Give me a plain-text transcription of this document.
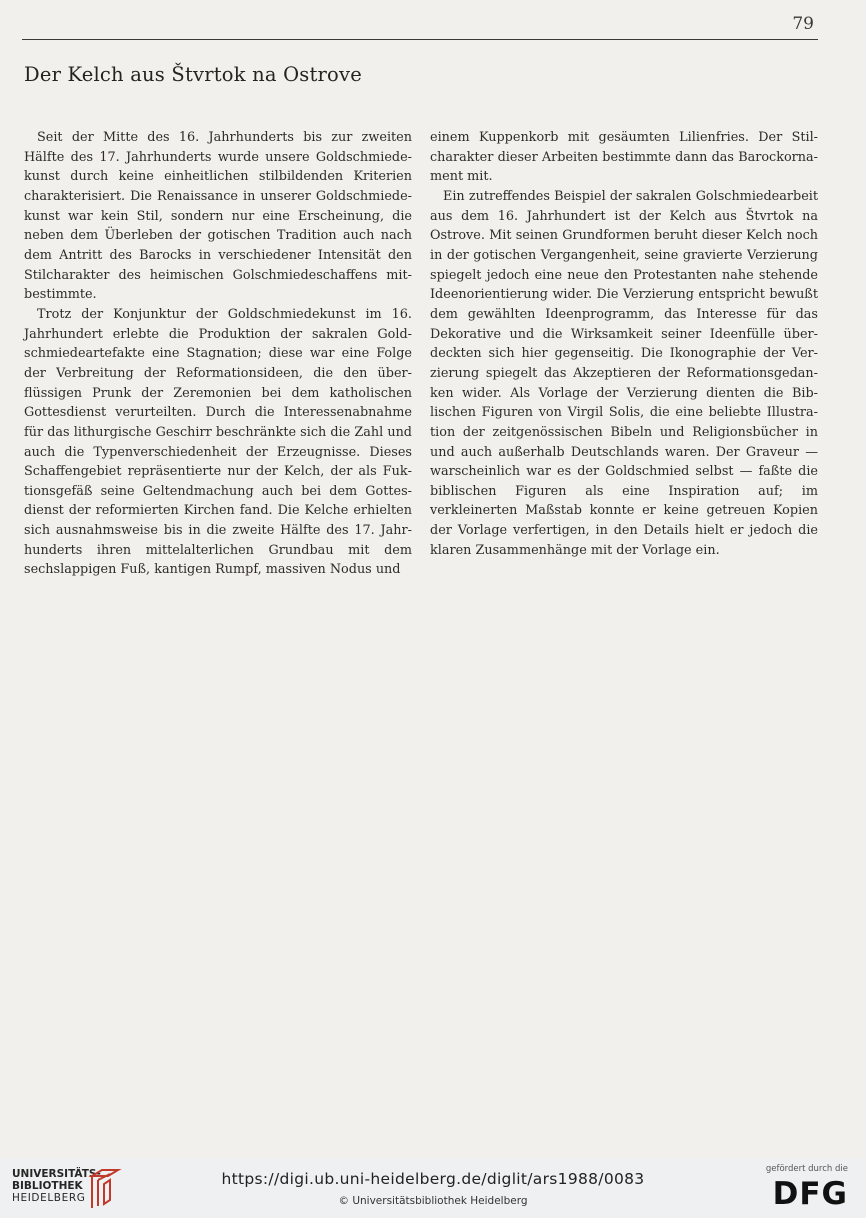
79
Der Kelch aus Štvrtok na Ostrove

Seit der Mitte des 16. Jahrhunderts bis zur zweiten Hälfte des 17. Jahrhunderts wurde unsere Goldschmiedekunst durch keine einheitlichen stilbildenden Kriterien charakterisiert. Die Renaissance in unserer Goldschmiedekunst war kein Stil, sondern nur eine Erscheinung, die neben dem Überleben der gotischen Tradition auch nach dem Antritt des Barocks in verschiedener Intensität den Stilcharakter des heimischen Golschmiedeschaffens mitbestimmte.

Trotz der Konjunktur der Goldschmiedekunst im 16. Jahrhundert erlebte die Produktion der sakralen Goldschmiedeartefakte eine Stagnation; diese war eine Folge der Verbreitung der Reformationsideen, die den überflüssigen Prunk der Zeremonien bei dem katholischen Gottesdienst verurteilten. Durch die Interessenabnahme für das lithurgische Geschirr beschränkte sich die Zahl und auch die Typenverschiedenheit der Erzeugnisse. Dieses Schaffengebiet repräsentierte nur der Kelch, der als Fuktionsgefäß seine Geltendmachung auch bei dem Gottesdienst der reformierten Kirchen fand. Die Kelche erhielten sich ausnahmsweise bis in die zweite Hälfte des 17. Jahrhunderts ihren mittelalterlichen Grundbau mit dem sechslappigen Fuß, kantigen Rumpf, massiven Nodus und

einem Kuppenkorb mit gesäumten Lilienfries. Der Stilcharakter dieser Arbeiten bestimmte dann das Barockornament mit.

Ein zutreffendes Beispiel der sakralen Golschmiedearbeit aus dem 16. Jahrhundert ist der Kelch aus Štvrtok na Ostrove. Mit seinen Grundformen beruht dieser Kelch noch in der gotischen Vergangenheit, seine gravierte Verzierung spiegelt jedoch eine neue den Protestanten nahe stehende Ideenorientierung wider. Die Verzierung entspricht bewußt dem gewählten Ideenprogramm, das Interesse für das Dekorative und die Wirksamkeit seiner Ideenfülle überdeckten sich hier gegenseitig. Die Ikonographie der Verzierung spiegelt das Akzeptieren der Reformationsgedanken wider. Als Vorlage der Verzierung dienten die Biblischen Figuren von Virgil Solis, die eine beliebte Illustration der zeitgenössischen Bibeln und Religionsbücher in und auch außerhalb Deutschlands waren. Der Graveur — warscheinlich war es der Goldschmied selbst — faßte die biblischen Figuren als eine Inspiration auf; im verkleinerten Maßstab konnte er keine getreuen Kopien der Vorlage verfertigen, in den Details hielt er jedoch die klaren Zusammenhänge mit der Vorlage ein.

UNIVERSITÄTS-
BIBLIOTHEK
HEIDELBERG
https://digi.ub.uni-heidelberg.de/diglit/ars1988/0083
© Universitätsbibliothek Heidelberg
gefördert durch die
DFG
